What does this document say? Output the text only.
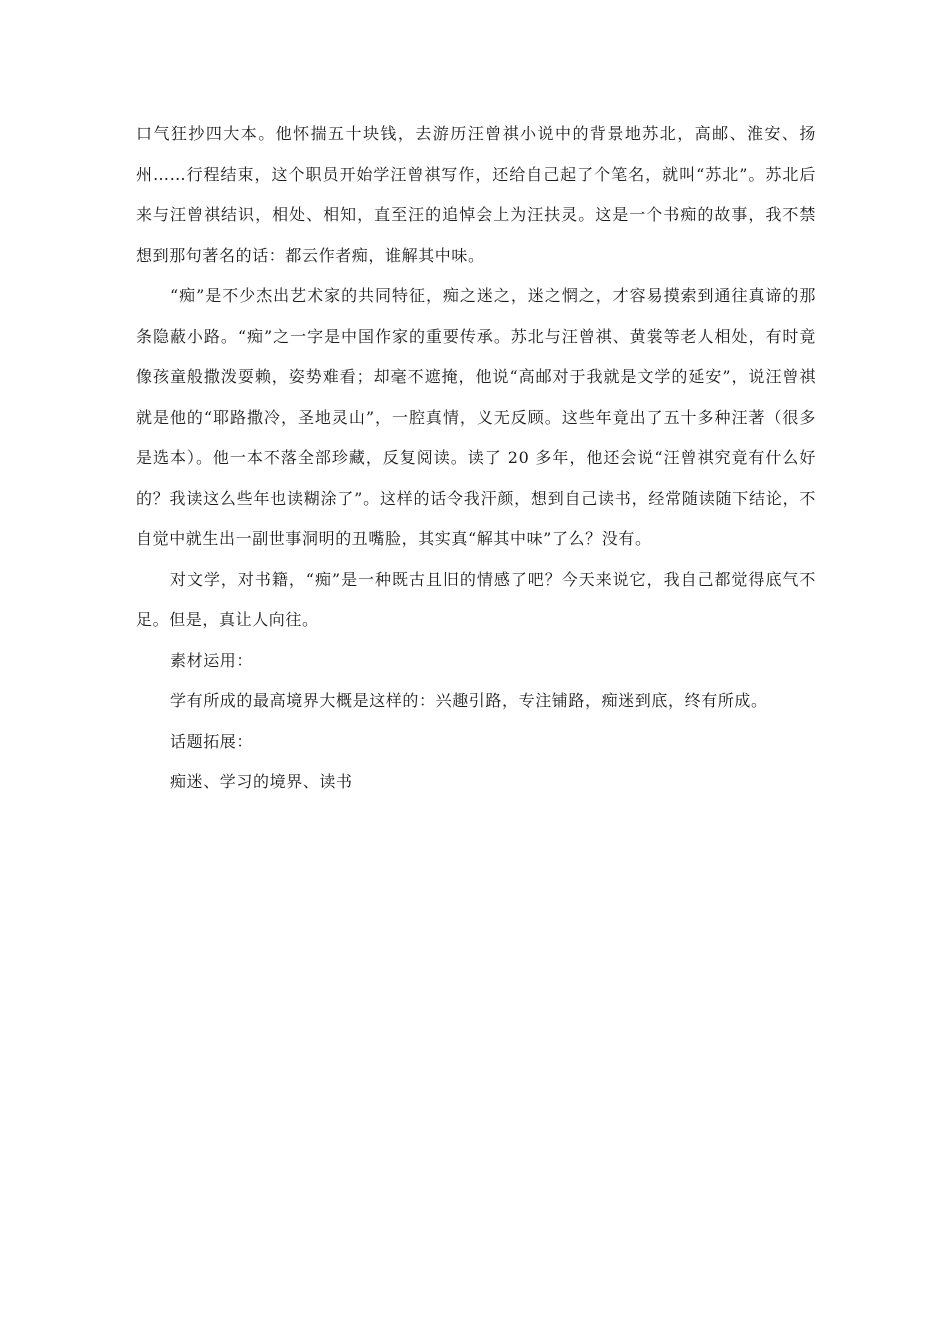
口气狂抄四大本。他怀揣五十块钱，去游历汪曾祺小说中的背景地苏北，高邮、淮安、扬州……行程结束，这个职员开始学汪曾祺写作，还给自己起了个笔名，就叫“苏北”。苏北后来与汪曾祺结识，相处、相知，直至汪的追悼会上为汪扶灵。这是一个书痴的故事，我不禁想到那句著名的话：都云作者痴，谁解其中味。

“痴”是不少杰出艺术家的共同特征，痴之迷之，迷之惘之，才容易摸索到通往真谛的那条隐蔽小路。“痴”之一字是中国作家的重要传承。苏北与汪曾祺、黄裳等老人相处，有时竟像孩童般撒泼耍赖，姿势难看；却毫不遮掩，他说“高邮对于我就是文学的延安”，说汪曾祺就是他的“耶路撒冷，圣地灵山”，一腔真情，义无反顾。这些年竟出了五十多种汪著（很多是选本）。他一本不落全部珍藏，反复阅读。读了 20 多年，他还会说“汪曾祺究竟有什么好的？我读这么些年也读糊涂了”。这样的话令我汗颜，想到自己读书，经常随读随下结论，不自觉中就生出一副世事洞明的丑嘴脸，其实真“解其中味”了么？没有。

对文学，对书籍，“痴”是一种既古且旧的情感了吧？今天来说它，我自己都觉得底气不足。但是，真让人向往。

素材运用：

学有所成的最高境界大概是这样的：兴趣引路，专注铺路，痴迷到底，终有所成。

话题拓展：

痴迷、学习的境界、读书
